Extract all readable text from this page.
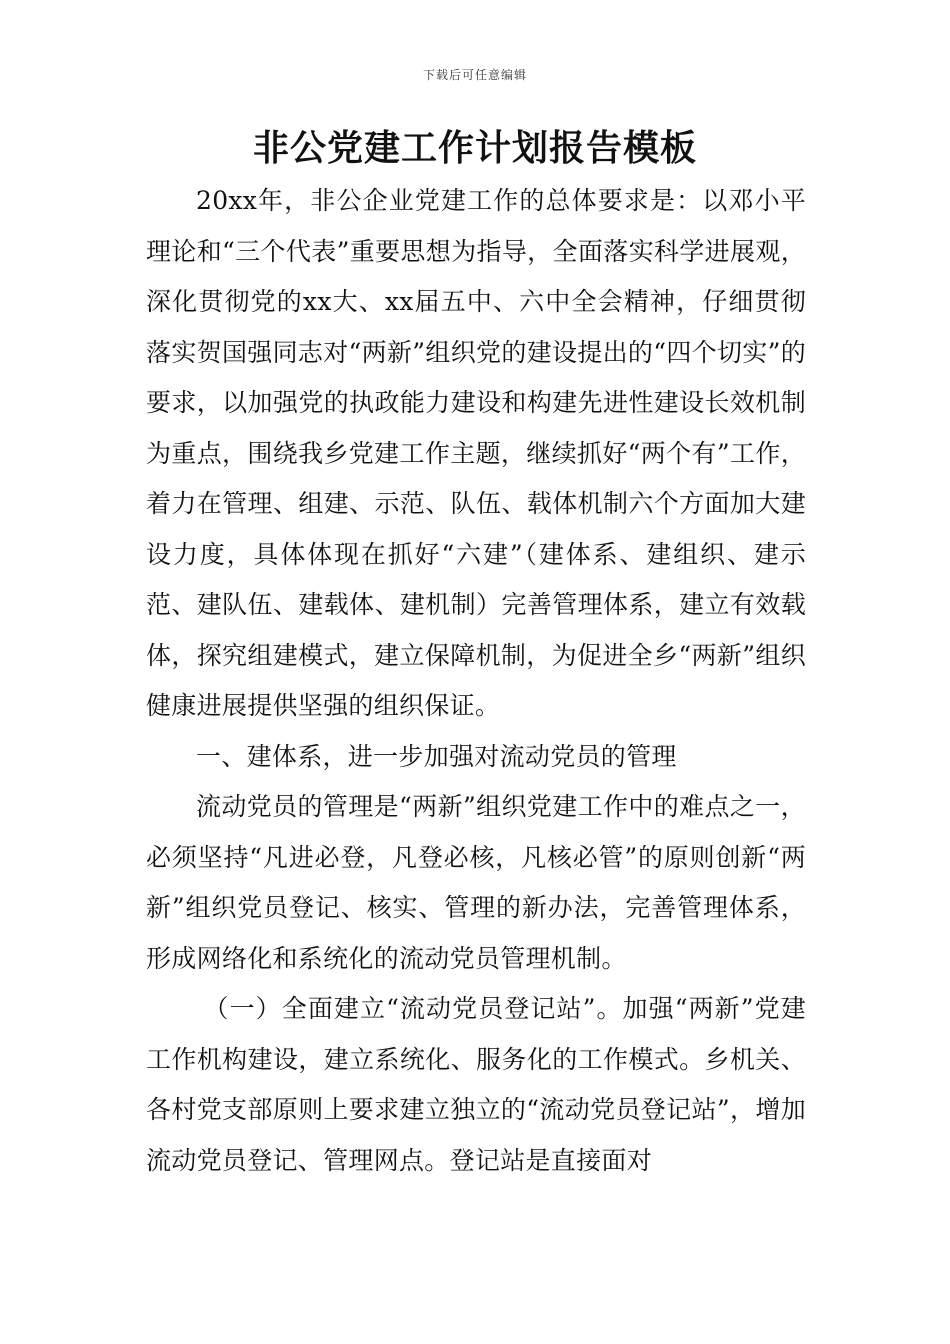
下载后可任意编辑
非公党建工作计划报告模板

20xx年，非公企业党建工作的总体要求是：以邓小平理论和“三个代表”重要思想为指导，全面落实科学进展观，深化贯彻党的xx大、xx届五中、六中全会精神，仔细贯彻落实贺国强同志对“两新”组织党的建设提出的“四个切实”的要求，以加强党的执政能力建设和构建先进性建设长效机制为重点，围绕我乡党建工作主题，继续抓好“两个有”工作，着力在管理、组建、示范、队伍、载体机制六个方面加大建设力度，具体体现在抓好“六建”（建体系、建组织、建示范、建队伍、建载体、建机制）完善管理体系，建立有效载体，探究组建模式，建立保障机制，为促进全乡“两新”组织健康进展提供坚强的组织保证。

一、建体系，进一步加强对流动党员的管理

流动党员的管理是“两新”组织党建工作中的难点之一，必须坚持“凡进必登，凡登必核，凡核必管”的原则创新“两新”组织党员登记、核实、管理的新办法，完善管理体系，形成网络化和系统化的流动党员管理机制。

（一）全面建立“流动党员登记站”。加强“两新”党建工作机构建设，建立系统化、服务化的工作模式。乡机关、各村党支部原则上要求建立独立的“流动党员登记站”，增加流动党员登记、管理网点。登记站是直接面对
